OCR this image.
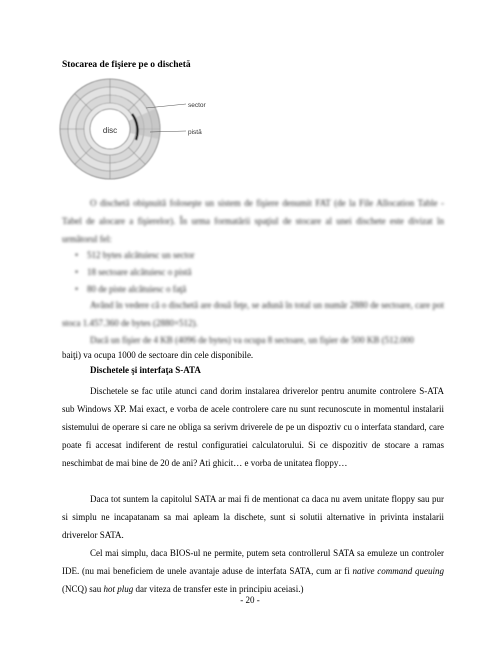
Stocarea de fişiere pe o dischetă
disc
sector
pistă
O dischetă obişnuită foloseşte un sistem de fişiere denumit FAT (de la File Allocation Table - Tabel de alocare a fişierelor). În urma formatării spaţiul de stocare al unei dischete este divizat în următorul fel:
• 512 bytes alcătuiesc un sector
• 18 sectoare alcătuiesc o pistă
• 80 de piste alcătuiesc o faţă
Având în vedere că o dischetă are două feţe, se adună în total un număr 2880 de sectoare, care pot stoca 1.457.360 de bytes (2880×512).
Dacă un fişier de 4 KB (4096 de bytes) va ocupa 8 sectoare, un fişier de 500 KB (512.000
baiţi) va ocupa 1000 de sectoare din cele disponibile.
Dischetele şi interfaţa S-ATA
Dischetele se fac utile atunci cand dorim instalarea driverelor pentru anumite controlere S-ATA sub Windows XP. Mai exact, e vorba de acele controlere care nu sunt recunoscute in momentul instalarii sistemului de operare si care ne obliga sa serivm driverele de pe un dispoztiv cu o interfata standard, care poate fi accesat indiferent de restul configuratiei calculatorului. Si ce dispozitiv de stocare a ramas neschimbat de mai bine de 20 de ani? Ati ghicit… e vorba de unitatea floppy…
Daca tot suntem la capitolul SATA ar mai fi de mentionat ca daca nu avem unitate floppy sau pur si simplu ne incapatanam sa mai apleam la dischete, sunt si solutii alternative in privinta instalarii driverelor SATA.
Cel mai simplu, daca BIOS-ul ne permite, putem seta controllerul SATA sa emuleze un controler IDE. (nu mai beneficiem de unele avantaje aduse de interfata SATA, cum ar fi native command queuing (NCQ) sau hot plug dar viteza de transfer este in principiu aceiasi.)
- 20 -
